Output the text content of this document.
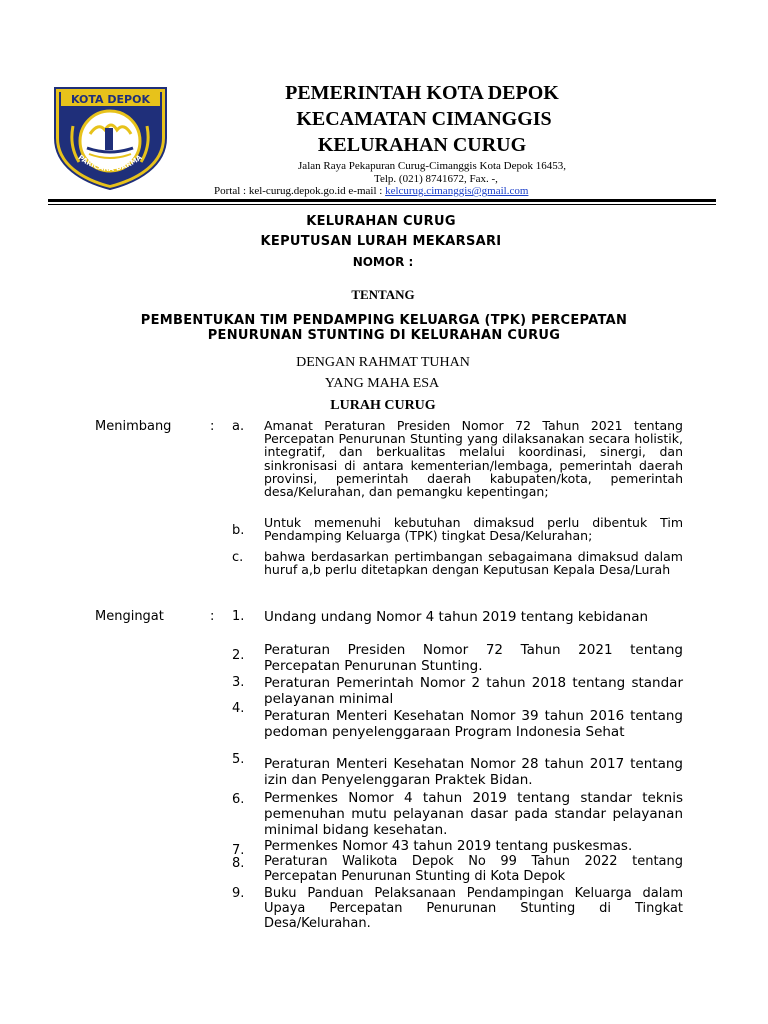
KOTA DEPOK
PARICARA DARMA
PEMERINTAH KOTA DEPOK
KECAMATAN CIMANGGIS
KELURAHAN CURUG
Jalan Raya Pekapuran Curug-Cimanggis Kota Depok 16453,
Telp. (021) 8741672, Fax. -,
Portal : kel-curug.depok.go.id e-mail : kelcurug.cimanggis@gmail.com
KELURAHAN CURUG
KEPUTUSAN LURAH MEKARSARI
NOMOR :
TENTANG
PEMBENTUKAN TIM PENDAMPING KELUARGA (TPK) PERCEPATAN
PENURUNAN STUNTING DI KELURAHAN CURUG
DENGAN RAHMAT TUHAN
YANG MAHA ESA
LURAH CURUG
Menimbang	: a. Amanat Peraturan Presiden Nomor 72 Tahun 2021 tentang Percepatan Penurunan Stunting yang dilaksanakan secara holistik, integratif, dan berkualitas melalui koordinasi, sinergi, dan sinkronisasi di antara kementerian/lembaga, pemerintah daerah provinsi, pemerintah daerah kabupaten/kota, pemerintah desa/Kelurahan, dan pemangku kepentingan;
b.
Untuk memenuhi kebutuhan dimaksud perlu dibentuk Tim Pendamping Keluarga (TPK) tingkat Desa/Kelurahan;
c. bahwa berdasarkan pertimbangan sebagaimana dimaksud dalam huruf a,b perlu ditetapkan dengan Keputusan Kepala Desa/Lurah
Mengingat	: 1. Undang undang Nomor 4 tahun 2019 tentang kebidanan
2. Peraturan Presiden Nomor 72 Tahun 2021 tentang Percepatan Penurunan Stunting.
3. Peraturan Pemerintah Nomor 2 tahun 2018 tentang standar pelayanan minimal
4. Peraturan Menteri Kesehatan Nomor 39 tahun 2016 tentang pedoman penyelenggaraan Program Indonesia Sehat
5. Peraturan Menteri Kesehatan Nomor 28 tahun 2017 tentang izin dan Penyelenggaran Praktek Bidan.
6. Permenkes Nomor 4 tahun 2019 tentang standar teknis pemenuhan mutu pelayanan dasar pada standar pelayanan minimal bidang kesehatan.
7. Permenkes Nomor 43 tahun 2019 tentang puskesmas.
8. Peraturan Walikota Depok No 99 Tahun 2022 tentang Percepatan Penurunan Stunting di Kota Depok
9. Buku Panduan Pelaksanaan Pendampingan Keluarga dalam Upaya Percepatan Penurunan Stunting di Tingkat Desa/Kelurahan.
